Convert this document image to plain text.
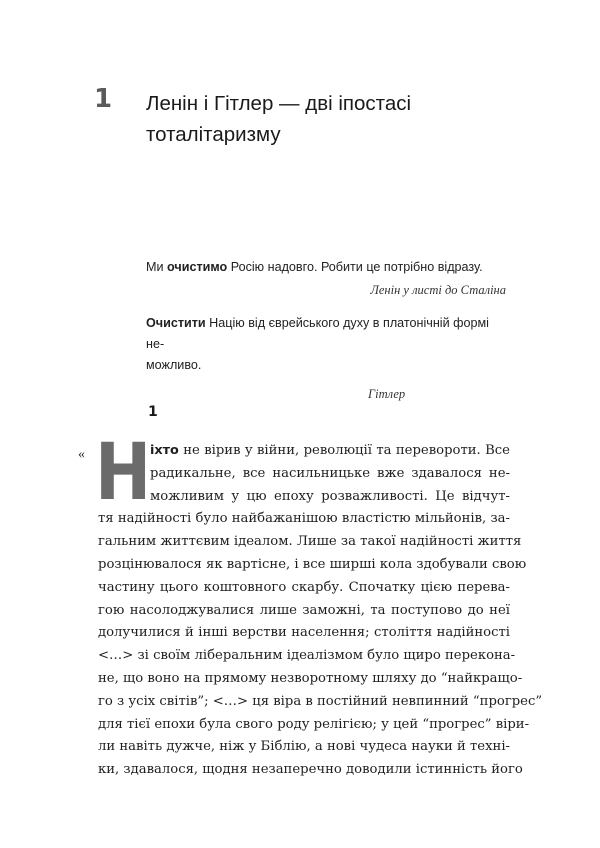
1 Ленін і Гітлер — дві іпостасі
тоталітаризму
Ми очистимо Росію надовго. Робити це потрібно відразу.
Ленін у листі до Сталіна
Очистити Націю від єврейського духу в платонічній формі не-
можливо.
Гітлер
1
« Н
іхто не вірив у війни, революції та перевороти. Все
радикальне, все насильницьке вже здавалося не-
можливим у цю епоху розважливості. Це відчут-
тя надійності було найбажанішою властістю мільйонів, за-
гальним життєвим ідеалом. Лише за такої надійності життя
розцінювалося як вартісне, і все ширші кола здобували свою
частину цього коштовного скарбу. Спочатку цією перева-
гою насолоджувалися лише заможні, та поступово до неї
долучилися й інші верстви населення; століття надійності
<…> зі своїм ліберальним ідеалізмом було щиро переконa-
не, що воно на прямому незворотному шляху до “найкращо-
го з усіх світів”; <…> ця віра в постійний невпинний “прогрес”
для тієї епохи була свого роду релігією; у цей “прогрес” віри-
ли навіть дужче, ніж у Біблію, а нові чудеса науки й техні-
ки, здавалося, щодня незаперечно доводили істинність його
